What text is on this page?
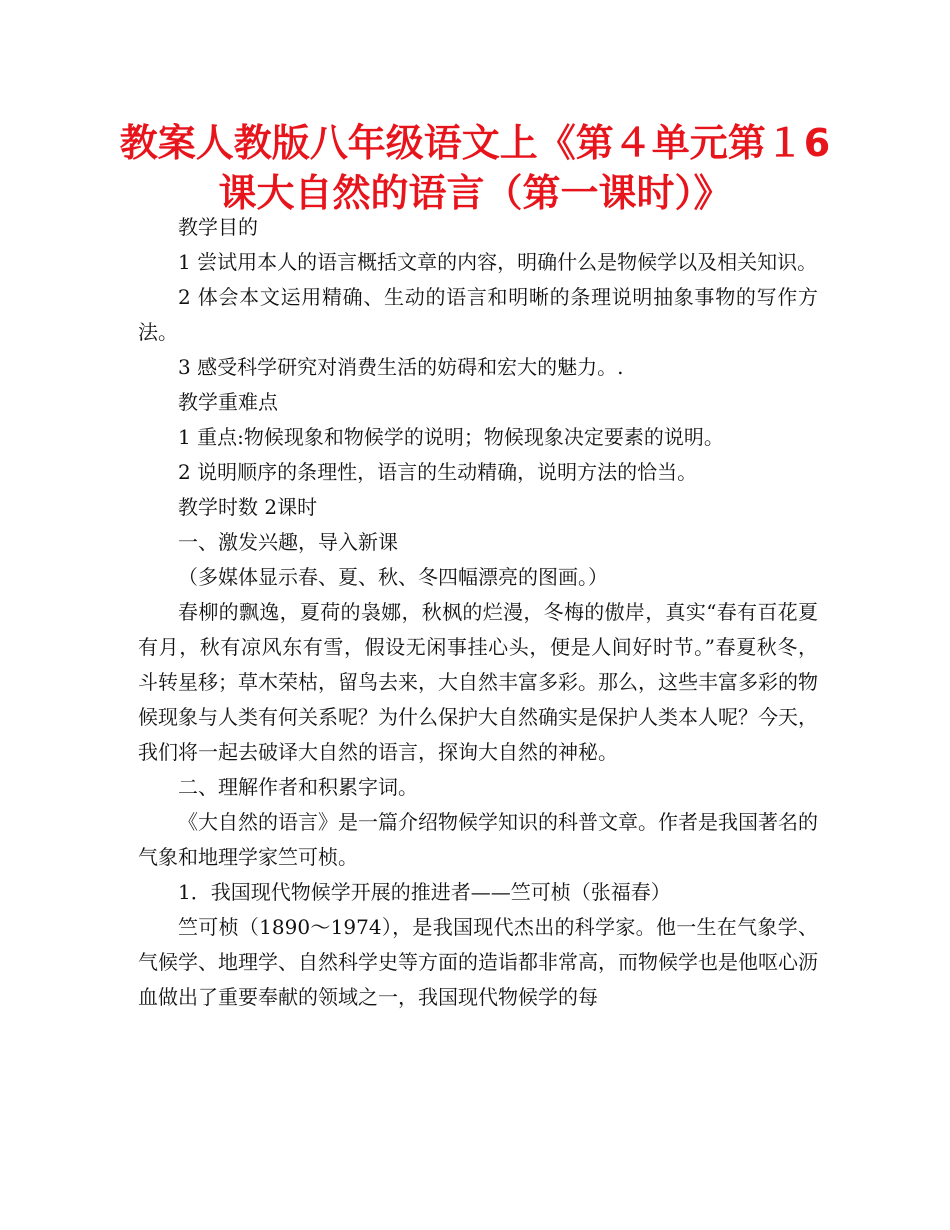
教案人教版八年级语文上《第４单元第１6
课大自然的语言（第一课时）》

教学目的

1 尝试用本人的语言概括文章的内容，明确什么是物候学以及相关知识。

2 体会本文运用精确、生动的语言和明晰的条理说明抽象事物的写作方法。

3 感受科学研究对消费生活的妨碍和宏大的魅力。.

教学重难点

1 重点:物候现象和物候学的说明；物候现象决定要素的说明。

2 说明顺序的条理性，语言的生动精确，说明方法的恰当。

教学时数 2课时

一、激发兴趣，导入新课

（多媒体显示春、夏、秋、冬四幅漂亮的图画。）

春柳的飘逸，夏荷的袅娜，秋枫的烂漫，冬梅的傲岸，真实“春有百花夏有月，秋有凉风东有雪，假设无闲事挂心头，便是人间好时节。”春夏秋冬，斗转星移；草木荣枯，留鸟去来，大自然丰富多彩。那么，这些丰富多彩的物候现象与人类有何关系呢？为什么保护大自然确实是保护人类本人呢？今天，我们将一起去破译大自然的语言，探询大自然的神秘。

二、理解作者和积累字词。

《大自然的语言》是一篇介绍物候学知识的科普文章。作者是我国著名的气象和地理学家竺可桢。

1．我国现代物候学开展的推进者——竺可桢（张福春）

竺可桢（1890～1974），是我国现代杰出的科学家。他一生在气象学、气候学、地理学、自然科学史等方面的造诣都非常高，而物候学也是他呕心沥血做出了重要奉献的领域之一，我国现代物候学的每
